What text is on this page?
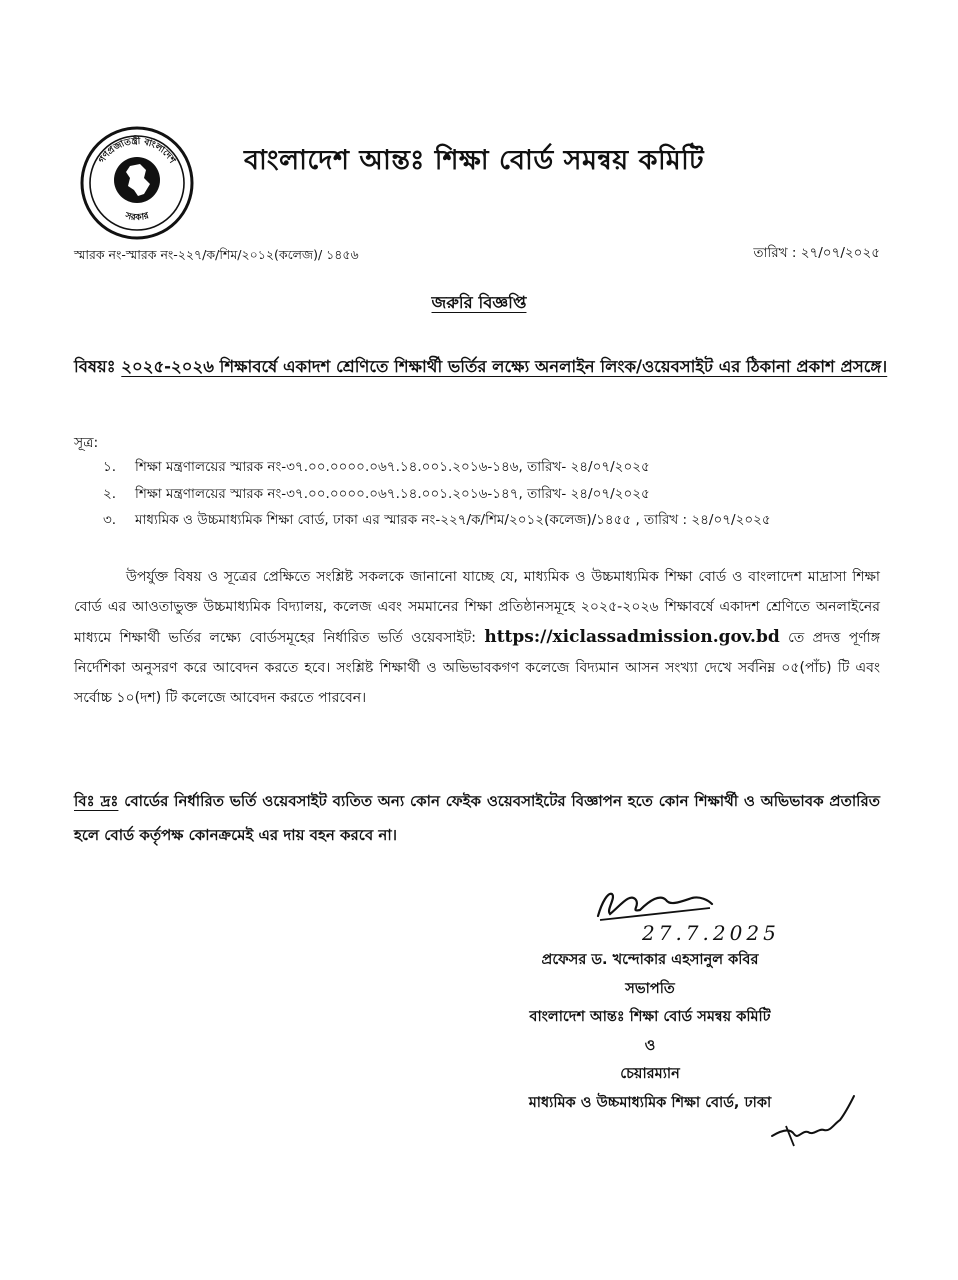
গণপ্রজাতন্ত্রী বাংলাদেশ
সরকার
বাংলাদেশ আন্তঃ শিক্ষা বোর্ড সমন্বয় কমিটি
স্মারক নং-স্মারক নং-২২৭/ক/শিম/২০১২(কলেজ)/ ১৪৫৬	তারিখ : ২৭/০৭/২০২৫
জরুরি বিজ্ঞপ্তি
বিষয়ঃ ২০২৫-২০২৬ শিক্ষাবর্ষে একাদশ শ্রেণিতে শিক্ষার্থী ভর্তির লক্ষ্যে অনলাইন লিংক/ওয়েবসাইট এর ঠিকানা প্রকাশ প্রসঙ্গে।
সূত্র:
১.	শিক্ষা মন্ত্রণালয়ের স্মারক নং-৩৭.০০.০০০০.০৬৭.১৪.০০১.২০১৬-১৪৬, তারিখ- ২৪/০৭/২০২৫
২.	শিক্ষা মন্ত্রণালয়ের স্মারক নং-৩৭.০০.০০০০.০৬৭.১৪.০০১.২০১৬-১৪৭, তারিখ- ২৪/০৭/২০২৫
৩.	মাধ্যমিক ও উচ্চমাধ্যমিক শিক্ষা বোর্ড, ঢাকা এর স্মারক নং-২২৭/ক/শিম/২০১২(কলেজ)/১৪৫৫ , তারিখ : ২৪/০৭/২০২৫
উপর্যুক্ত বিষয় ও সূত্রের প্রেক্ষিতে সংশ্লিষ্ট সকলকে জানানো যাচ্ছে যে, মাধ্যমিক ও উচ্চমাধ্যমিক শিক্ষা বোর্ড ও বাংলাদেশ মাদ্রাসা শিক্ষা বোর্ড এর আওতাভুক্ত উচ্চমাধ্যমিক বিদ্যালয়, কলেজ এবং সমমানের শিক্ষা প্রতিষ্ঠানসমূহে ২০২৫-২০২৬ শিক্ষাবর্ষে একাদশ শ্রেণিতে অনলাইনের মাধ্যমে শিক্ষার্থী ভর্তির লক্ষ্যে বোর্ডসমূহের নির্ধারিত ভর্তি ওয়েবসাইট: https://xiclassadmission.gov.bd তে প্রদত্ত পূর্ণাঙ্গ নির্দেশিকা অনুসরণ করে আবেদন করতে হবে। সংশ্লিষ্ট শিক্ষার্থী ও অভিভাবকগণ কলেজে বিদ্যমান আসন সংখ্যা দেখে সর্বনিম্ন ০৫(পাঁচ) টি এবং সর্বোচ্চ ১০(দশ) টি কলেজে আবেদন করতে পারবেন।
বিঃ দ্রঃ বোর্ডের নির্ধারিত ভর্তি ওয়েবসাইট ব্যতিত অন্য কোন ফেইক ওয়েবসাইটের বিজ্ঞাপন হতে কোন শিক্ষার্থী ও অভিভাবক প্রতারিত হলে বোর্ড কর্তৃপক্ষ কোনক্রমেই এর দায় বহন করবে না।
27.7.2025
প্রফেসর ড. খন্দোকার এহসানুল কবির
সভাপতি
বাংলাদেশ আন্তঃ শিক্ষা বোর্ড সমন্বয় কমিটি
ও
চেয়ারম্যান
মাধ্যমিক ও উচ্চমাধ্যমিক শিক্ষা বোর্ড, ঢাকা
